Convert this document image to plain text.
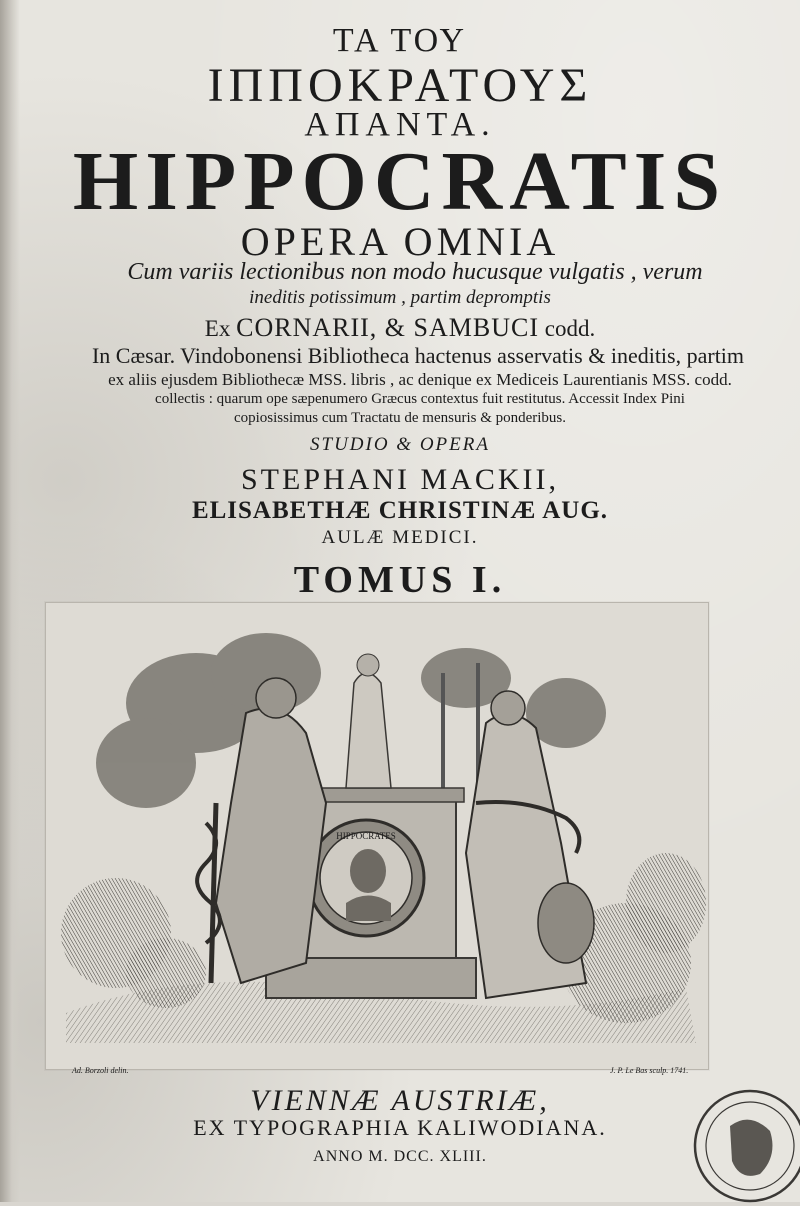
ΤΑ ΤΟΥ
ΙΠΠΟΚΡΑΤΟΥΣ
ΑΠΑΝΤΑ.
HIPPOCRATIS
OPERA OMNIA
Cum variis lectionibus non modo hucusque vulgatis , verum
ineditis potissimum , partim depromptis
Ex CORNARII, & SAMBUCI codd.
In Cæsar. Vindobonensi Bibliotheca hactenus asservatis & ineditis, partim
ex aliis ejusdem Bibliothecæ MSS. libris , ac denique ex Mediceis Laurentianis MSS. codd.
collectis : quarum ope sæpenumero Græcus contextus fuit restitutus. Accessit Index Pini
copiosissimus cum Tractatu de mensuris & ponderibus.
STUDIO & OPERA
STEPHANI MACKII,
ELISABETHÆ CHRISTINÆ AUG.
AULÆ MEDICI.
TOMUS I.
HIPPOCRATES
Ad. Borzoli delin.	J. P. Le Bas sculp. 1741.
VIENNÆ AUSTRIÆ,
EX TYPOGRAPHIA KALIWODIANA.
ANNO M. DCC. XLIII.
